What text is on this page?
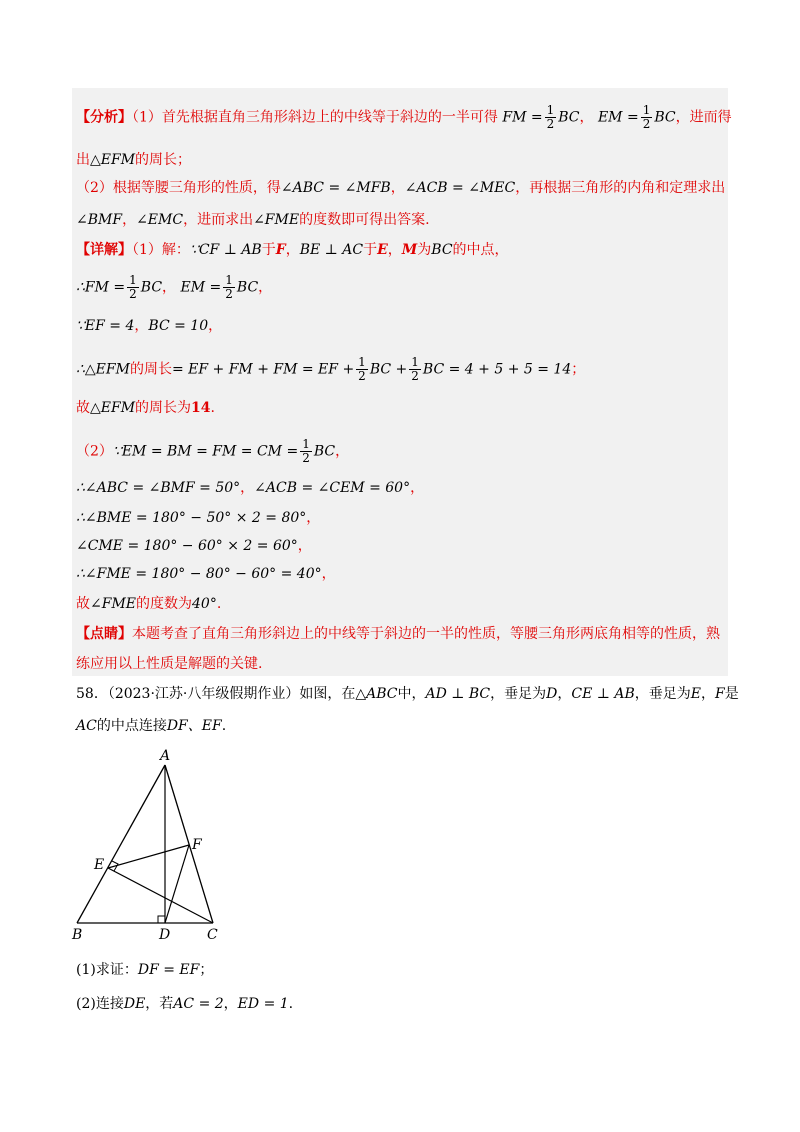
【分析】（1）首先根据直角三角形斜边上的中线等于斜边的一半可得 FM = $\frac{1}{2}$ BC， EM = $\frac{1}{2}$ BC，进而得
出△EFM的周长；
（2）根据等腰三角形的性质，得∠ABC = ∠MFB，∠ACB = ∠MEC，再根据三角形的内角和定理求出
∠BMF，∠EMC，进而求出∠FME的度数即可得出答案.
【详解】（1）解：∵CF ⊥ AB于F，BE ⊥ AC于E，M为BC的中点，
∴FM = $\frac{1}{2}$ BC， EM = $\frac{1}{2}$ BC，
∵EF = 4，BC = 10，
∴△EFM的周长= EF + FM + FM = EF + $\frac{1}{2}$ BC + $\frac{1}{2}$ BC = 4 + 5 + 5 = 14；
故△EFM的周长为14.
（2）∵EM = BM = FM = CM = $\frac{1}{2}$ BC，
∴∠ABC = ∠BMF = 50°，∠ACB = ∠CEM = 60°，
∴∠BME = 180° − 50° × 2 = 80°，
∠CME = 180° − 60° × 2 = 60°，
∴∠FME = 180° − 80° − 60° = 40°，
故∠FME的度数为40°.
【点睛】本题考查了直角三角形斜边上的中线等于斜边的一半的性质，等腰三角形两底角相等的性质，熟
练应用以上性质是解题的关键.
58．（2023·江苏·八年级假期作业）如图，在△ABC中，AD ⊥ BC，垂足为D，CE ⊥ AB，垂足为E，F是
AC的中点连接DF、EF.
A
B	C
D
E
F
(1)求证：DF = EF；
(2)连接DE，若AC = 2，ED = 1.
